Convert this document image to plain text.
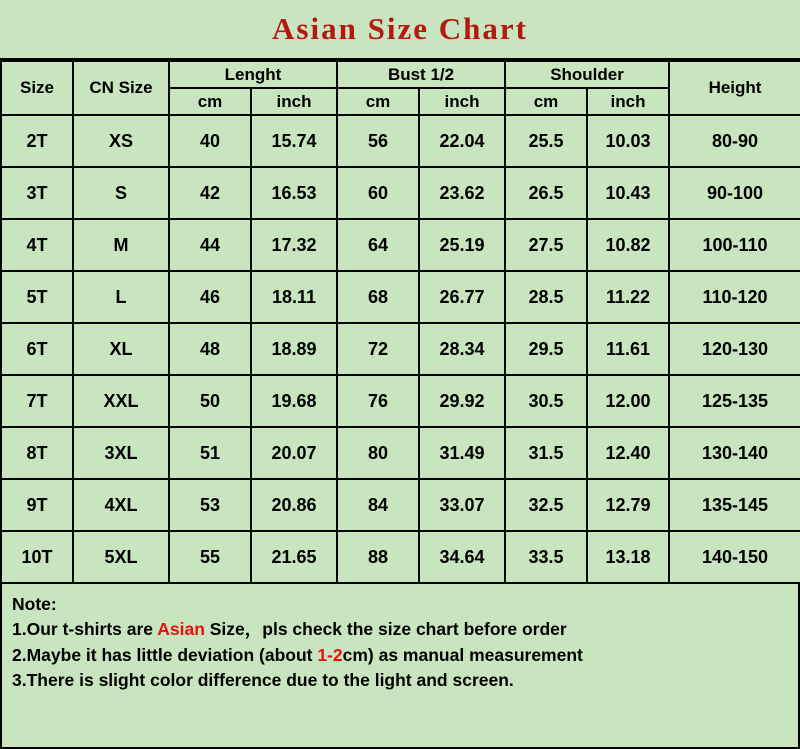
Asian Size Chart
Size	CN Size	Lenght		Bust 1/2		Shoulder		Height
		cm	inch	cm	inch	cm	inch	
2T	XS	40	15.74	56	22.04	25.5	10.03	80-90
3T	S	42	16.53	60	23.62	26.5	10.43	90-100
4T	M	44	17.32	64	25.19	27.5	10.82	100-110
5T	L	46	18.11	68	26.77	28.5	11.22	110-120
6T	XL	48	18.89	72	28.34	29.5	11.61	120-130
7T	XXL	50	19.68	76	29.92	30.5	12.00	125-135
8T	3XL	51	20.07	80	31.49	31.5	12.40	130-140
9T	4XL	53	20.86	84	33.07	32.5	12.79	135-145
10T	5XL	55	21.65	88	34.64	33.5	13.18	140-150
Note:
1.Our t-shirts are Asian Size，pls check the size chart before order
2.Maybe it has little deviation (about 1-2cm) as manual measurement
3.There is slight color difference due to the light and screen.
